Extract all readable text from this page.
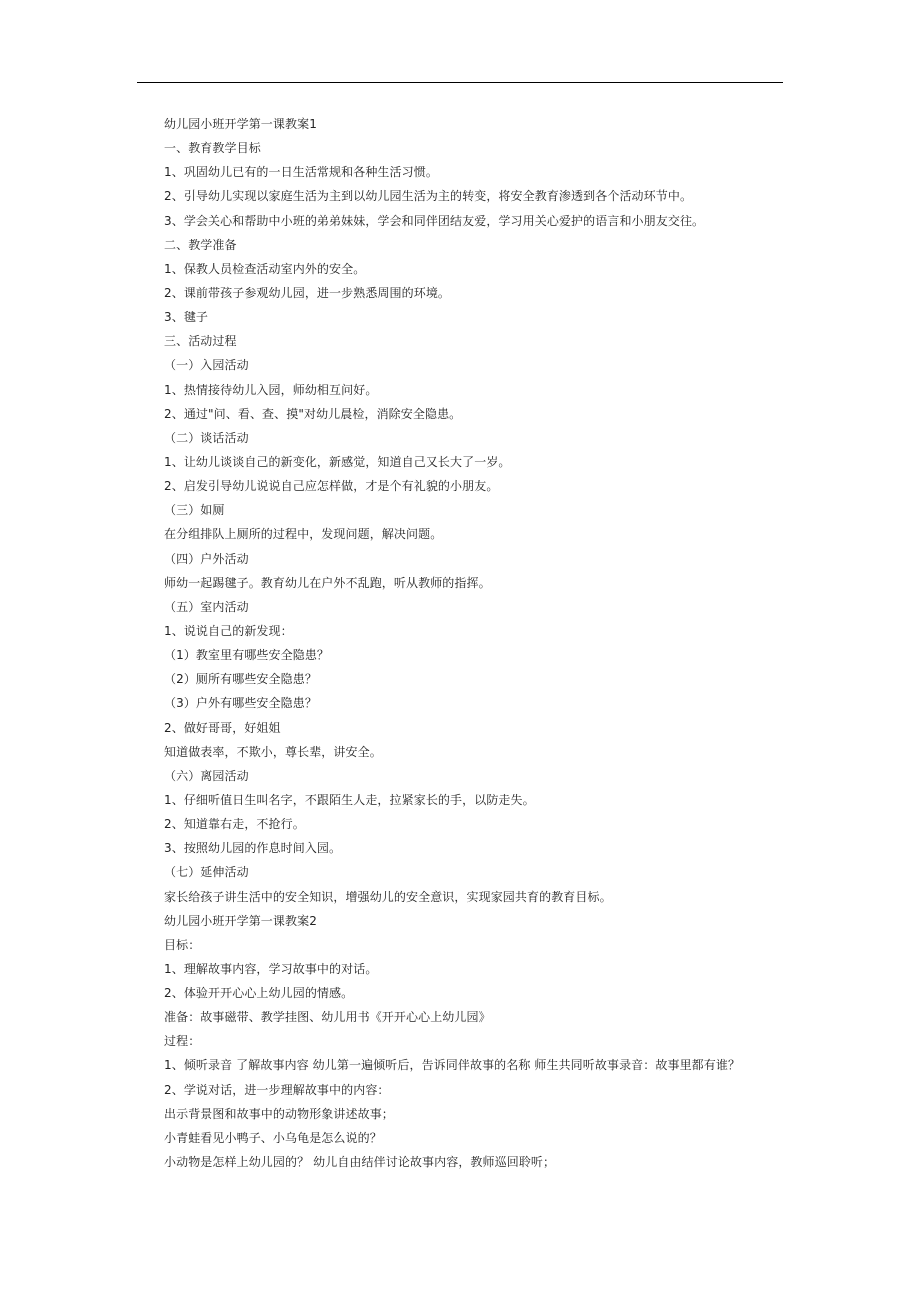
幼儿园小班开学第一课教案1
一、教育教学目标
1、巩固幼儿已有的一日生活常规和各种生活习惯。
2、引导幼儿实现以家庭生活为主到以幼儿园生活为主的转变，将安全教育渗透到各个活动环节中。
3、学会关心和帮助中小班的弟弟妹妹，学会和同伴团结友爱，学习用关心爱护的语言和小朋友交往。
二、教学准备
1、保教人员检查活动室内外的安全。
2、课前带孩子参观幼儿园，进一步熟悉周围的环境。
3、毽子
三、活动过程
（一）入园活动
1、热情接待幼儿入园，师幼相互问好。
2、通过"问、看、查、摸"对幼儿晨检，消除安全隐患。
（二）谈话活动
1、让幼儿谈谈自己的新变化，新感觉，知道自己又长大了一岁。
2、启发引导幼儿说说自己应怎样做，才是个有礼貌的小朋友。
（三）如厕
在分组排队上厕所的过程中，发现问题，解决问题。
（四）户外活动
师幼一起踢毽子。教育幼儿在户外不乱跑，听从教师的指挥。
（五）室内活动
1、说说自己的新发现：
（1）教室里有哪些安全隐患？
（2）厕所有哪些安全隐患？
（3）户外有哪些安全隐患？
2、做好哥哥，好姐姐
知道做表率，不欺小，尊长辈，讲安全。
（六）离园活动
1、仔细听值日生叫名字，不跟陌生人走，拉紧家长的手，以防走失。
2、知道靠右走，不抢行。
3、按照幼儿园的作息时间入园。
（七）延伸活动
家长给孩子讲生活中的安全知识，增强幼儿的安全意识，实现家园共育的教育目标。
幼儿园小班开学第一课教案2
目标：
1、理解故事内容，学习故事中的对话。
2、体验开开心心上幼儿园的情感。
准备：故事磁带、教学挂图、幼儿用书《开开心心上幼儿园》
过程：
1、倾听录音 了解故事内容 幼儿第一遍倾听后，告诉同伴故事的名称 师生共同听故事录音：故事里都有谁？
2、学说对话，进一步理解故事中的内容：
出示背景图和故事中的动物形象讲述故事；
小青蛙看见小鸭子、小乌龟是怎么说的？
小动物是怎样上幼儿园的？ 幼儿自由结伴讨论故事内容，教师巡回聆听；
